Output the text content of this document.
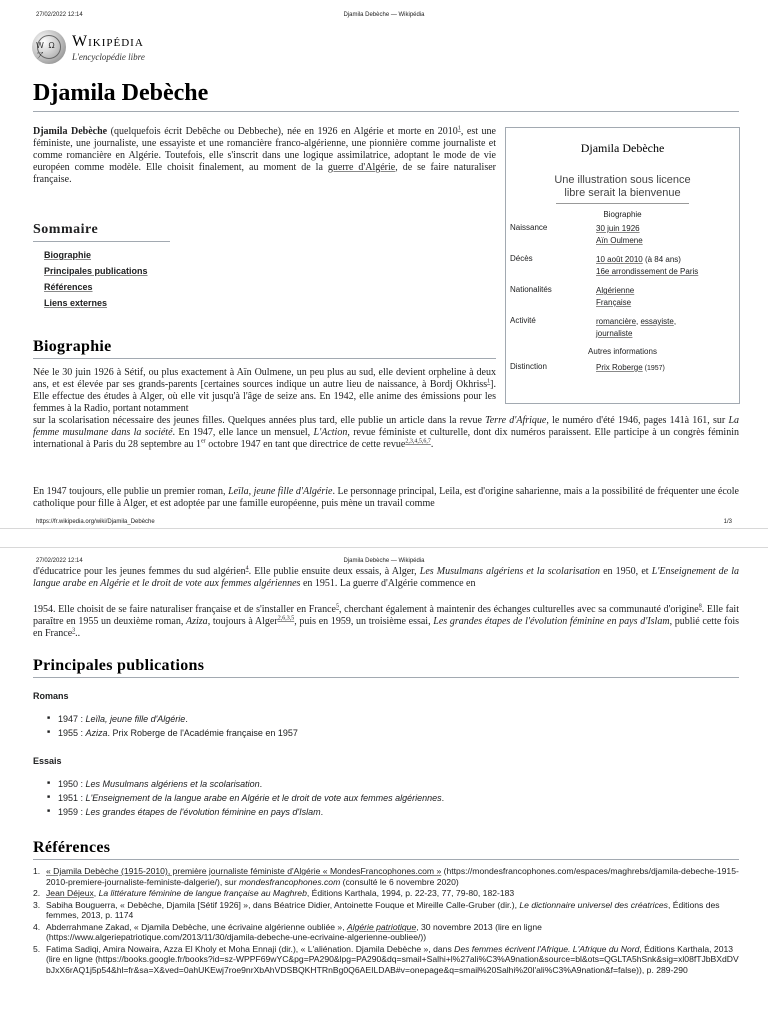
27/02/2022 12:14	Djamila Debèche — Wikipédia
W Ω ア
Wikipédia
L'encyclopédie libre
Djamila Debèche

Djamila Debèche (quelquefois écrit Debêche ou Debbeche), née en 1926 en Algérie et morte en 2010$^1$, est une féministe, une journaliste, une essayiste et une romancière franco-algérienne, une pionnière comme journaliste et comme romancière en Algérie. Toutefois, elle s'inscrit dans une logique assimilatrice, adoptant le mode de vie européen comme modèle. Elle choisit finalement, au moment de la guerre d'Algérie, de se faire naturaliser française.

Sommaire
Biographie
Principales publications
Références
Liens externes
Djamila Debèche
Une illustration sous licence
libre serait la bienvenue
Biographie
Naissance	30 juin 1926
Aïn Oulmene
Décès	10 août 2010 (à 84 ans)
16e arrondissement de Paris
Nationalités	Algérienne
Française
Activité	romancière, essayiste,
journaliste
Autres informations
Distinction	Prix Roberge (1957)
Biographie

Née le 30 juin 1926 à Sétif, ou plus exactement à Aïn Oulmene, un peu plus au sud, elle devient orpheline à deux ans, et est élevée par ses grands-parents [certaines sources indique un autre lieu de naissance, à Bordj Okhriss$^1$]. Elle effectue des études à Alger, où elle vit jusqu'à l'âge de seize ans. En 1942, elle anime des émissions pour les femmes à la Radio, portant notamment

sur la scolarisation nécessaire des jeunes filles. Quelques années plus tard, elle publie un article dans la revue Terre d'Afrique, le numéro d'été 1946, pages 141à 161, sur La femme musulmane dans la société. En 1947, elle lance un mensuel, L'Action, revue féministe et culturelle, dont dix numéros paraissent. Elle participe à un congrès féminin international à Paris du 28 septembre au 1er octobre 1947 en tant que directrice de cette revue$^{2,3,4,5,6,7}$.

En 1947 toujours, elle publie un premier roman, Leïla, jeune fille d'Algérie. Le personnage principal, Leila, est d'origine saharienne, mais a la possibilité de fréquenter une école catholique pour fille à Alger, et est adoptée par une famille européenne, puis mène un travail comme

https://fr.wikipedia.org/wiki/Djamila_Debèche	1/3
27/02/2022 12:14	Djamila Debèche — Wikipédia

d'éducatrice pour les jeunes femmes du sud algérien$^4$. Elle publie ensuite deux essais, à Alger, Les Musulmans algériens et la scolarisation en 1950, et L'Enseignement de la langue arabe en Algérie et le droit de vote aux femmes algériennes en 1951. La guerre d'Algérie commence en

1954. Elle choisit de se faire naturaliser française et de s'installer en France$^5$, cherchant également à maintenir des échanges culturelles avec sa communauté d'origine$^8$. Elle fait paraître en 1955 un deuxième roman, Aziza, toujours à Alger$^{2,6,3,5}$, puis en 1959, un troisième essai, Les grandes étapes de l'évolution féminine en pays d'Islam, publié cette fois en France$^3$..

Principales publications
Romans
■ 1947 : Leïla, jeune fille d'Algérie.
■ 1955 : Aziza. Prix Roberge de l'Académie française en 1957
Essais
■ 1950 : Les Musulmans algériens et la scolarisation.
■ 1951 : L'Enseignement de la langue arabe en Algérie et le droit de vote aux femmes algériennes.
■ 1959 : Les grandes étapes de l'évolution féminine en pays d'Islam.
Références
1. « Djamila Debèche (1915-2010), première journaliste féministe d'Algérie « MondesFrancophones.com » (https://mondesfrancophones.com/espaces/maghrebs/djamila-debeche-1915-2010-premiere-journaliste-feministe-dalgerie/), sur mondesfrancophones.com (consulté le 6 novembre 2020)
2. Jean Déjeux, La littérature féminine de langue française au Maghreb, Éditions Karthala, 1994, p. 22-23, 77, 79-80, 182-183
3. Sabiha Bouguerra, « Debèche, Djamila [Sétif 1926] », dans Béatrice Didier, Antoinette Fouque et Mireille Calle-Gruber (dir.), Le dictionnaire universel des créatrices, Éditions des femmes, 2013, p. 1174
4. Abderrahmane Zakad, « Djamila Debèche, une écrivaine algérienne oubliée », Algérie patriotique, 30 novembre 2013 (lire en ligne (https://www.algeriepatriotique.com/2013/11/30/djamila-debeche-une-ecrivaine-algerienne-oubliee/))
5. Fatima Sadiqi, Amira Nowaira, Azza El Kholy et Moha Ennaji (dir.), « L'aliénation. Djamila Debèche », dans Des femmes écrivent l'Afrique. L'Afrique du Nord, Éditions Karthala, 2013 (lire en ligne (https://books.google.fr/books?id=sz-WPPF69wYC&pg=PA290&lpg=PA290&dq=smail+Salhi+l%27ali%C3%A9nation&source=bl&ots=QGLTA5hSnk&sig=xl08fTJbBXdDVbJxX6rAQ1j5p54&hl=fr&sa=X&ved=0ahUKEwj7roe9nrXbAhVDSBQKHTRnBg0Q6AEILDAB#v=onepage&q=smail%20Salhi%20l'ali%C3%A9nation&f=false)), p. 289-290
